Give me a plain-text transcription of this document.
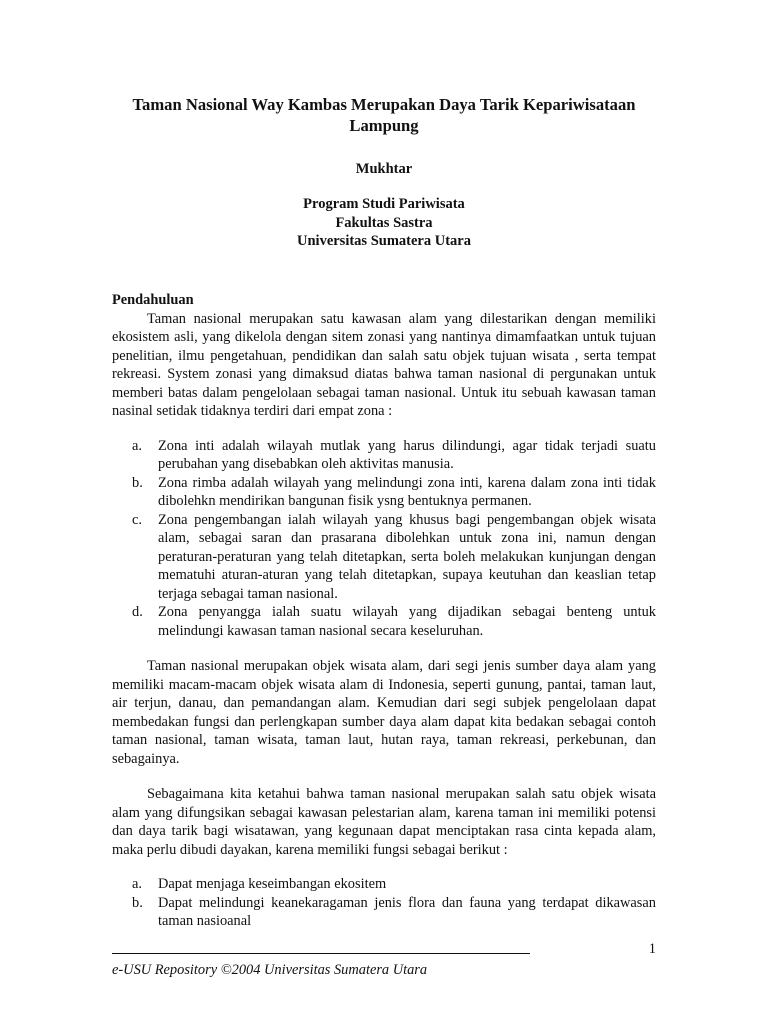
Taman Nasional Way Kambas Merupakan Daya Tarik Kepariwisataan
Lampung
Mukhtar
Program Studi Pariwisata
Fakultas Sastra
Universitas Sumatera Utara
Pendahuluan

Taman nasional merupakan satu kawasan alam yang dilestarikan dengan memiliki ekosistem asli, yang dikelola dengan sitem zonasi yang nantinya dimamfaatkan untuk tujuan penelitian, ilmu pengetahuan, pendidikan dan salah satu objek tujuan wisata , serta tempat rekreasi. System zonasi yang dimaksud diatas bahwa taman nasional di pergunakan untuk memberi batas dalam pengelolaan sebagai taman nasional. Untuk itu sebuah kawasan taman nasinal setidak tidaknya terdiri dari empat zona :

a. Zona inti adalah wilayah mutlak yang harus dilindungi, agar tidak terjadi suatu perubahan yang disebabkan oleh aktivitas manusia.
b. Zona rimba adalah wilayah yang melindungi zona inti, karena dalam zona inti tidak dibolehkn mendirikan bangunan fisik ysng bentuknya permanen.
c. Zona pengembangan ialah wilayah yang khusus bagi pengembangan objek wisata alam, sebagai saran dan prasarana dibolehkan untuk zona ini, namun dengan peraturan-peraturan yang telah ditetapkan, serta boleh melakukan kunjungan dengan mematuhi aturan-aturan yang telah ditetapkan, supaya keutuhan dan keaslian tetap terjaga sebagai taman nasional.
d. Zona penyangga ialah suatu wilayah yang dijadikan sebagai benteng untuk melindungi kawasan taman nasional secara keseluruhan.

Taman nasional merupakan objek wisata alam, dari segi jenis sumber daya alam yang memiliki macam-macam objek wisata alam di Indonesia, seperti gunung, pantai, taman laut, air terjun, danau, dan pemandangan alam. Kemudian dari segi subjek pengelolaan dapat membedakan fungsi dan perlengkapan sumber daya alam dapat kita bedakan sebagai contoh taman nasional, taman wisata, taman laut, hutan raya, taman rekreasi, perkebunan, dan sebagainya.

Sebagaimana kita ketahui bahwa taman nasional merupakan salah satu objek wisata alam yang difungsikan sebagai kawasan pelestarian alam, karena taman ini memiliki potensi dan daya tarik bagi wisatawan, yang kegunaan dapat menciptakan rasa cinta kepada alam, maka perlu dibudi dayakan, karena memiliki fungsi sebagai berikut :

a. Dapat menjaga keseimbangan ekositem
b. Dapat melindungi keanekaragaman jenis flora dan fauna yang terdapat dikawasan taman nasioanal
1
e-USU Repository ©2004 Universitas Sumatera Utara
